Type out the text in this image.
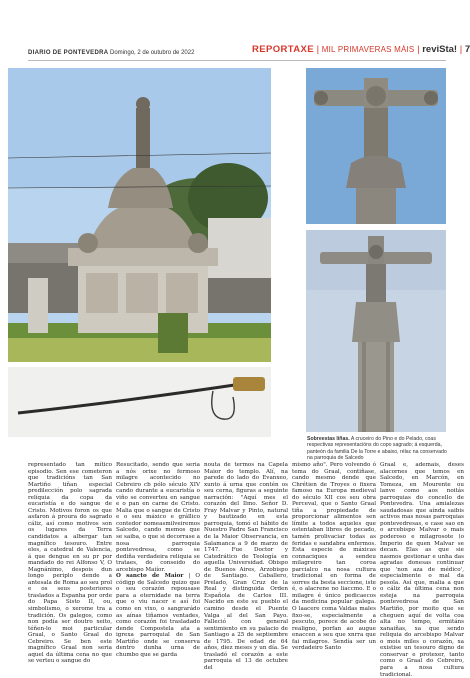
DIARIO DE PONTEVEDRA Domingo, 2 de outubro de 2022	REPORTAXE | MIL PRIMAVERAS MÁIS | reviSta! | 7
Sobreestas liñas. A cruceiro do Pino e do Pelado, coas respectivas representacións do copo sagrado; á esquerda, panteón da familia De la Torre e abaixo, rélac na conservado na parroquia de Salcedo

representado tan mítico episodio. Sen ese cometeron que tradicións tan San Martiño tiñan especial predilección polo sagrada relíquia da copa da eucaristía e do sangue de Cristo. Motivos foron os que asfaron á proura do sagrado cáliz, así como motivos son os lugares da Terra candidatos a albergar tan magnífico tesouro. Entre eles, a catedral de Valencia, á que dengue en su pr por mandado do rei Alfonso V, O Magnánimo, despois dun longo periplo dende a antesala de Roma ao seu prol e os seus posteriores traslados a Espanha por orde do Papa Sisto II, ou, simbolismo, o xerome tra a tradición. Os galegos, como non podía ser doutro xeito, téñen-lo moi particular Graal, o Santo Graal do Cebreiro. Se ben este magnífico Graal non seria aquel da última cena no que se verteu o sangue do

Resucitado, sendo que seria a nós orixe no fermoso milagre acontecido no Cebreiro cb pólo século XIV cando durante a eucaristía o viño se converteu en sangue e o pan en carne de Cristo. Malia que o sangue de Cristo e o seu máxico e grállico contedor nomeasmilveiremos Salcedo, cando memos que se saiba, o que si decorrase a nosa parroquia pontevedresa, como se dediña verdadeira reliquia se trataes, do conseido do arcebispo Maiíor.

O sancto de Maior | O códigp de Salcedo quizo que o seu corazón repousase para a eternidade na terra que o viu nacer e así foi como en vixo, o sangrarádo as aínas tiñamos ventades, como corazón foi trasladado dende Compostela ata a igrexa parroquial de San Martiño onde se conserva dentro dunha urna de chumbo que se garda

nouta de termos na Capela Maior do templo. Alí, na parede do lado do Evanxeo, xunto á urna que contén os seu cerna, figuras a seguinte narración: "Aquí mes el corazón del Ilmo. Señor D. Fray Malvar y Pinto, natural y bautizado en esta parroquia, tomó el hábito de Nuestro Padre San Francisco de la Maior Observancia, en Salamanca a 9 de marzo de 1747. Fue Doctor y Catedrático de Teología en aquella Universidad. Obispo de Buenos Aires, Arzobispo de Santiago. Caballero, Prelado, Gran Cruz de la Real y distinguida Orden Española de Carlos III. Nacido en este su pueblo el camino desde el Puente Valga al del San Payo. Falleció con general sentimiento en su palacio de Santiago a 25 de septiembre de 1795. De edad de 64 años, diez meses y un día. Se trasladó el corazón a este parroquia el 13 de octubre del

mismo año". Pero volvendo ó tema do Graal, contiñase, cando mesmo dende que Chrétien de Troyes o fixera famoso na Europa medieval do século XII cos seu obra Perceval, que o Santo Graal tiña a propiedade de proporcionar alimentos sen límite a todos aqueles que ostentaban libres de pecado, tamén prolivaciar todas as feridas e sandabra enfermos. Esta especie de máxicas connaciques a sendeu milagreiro tan coroa parcialco na nosa cultura tradicional en forma de sorres da besta seccione, iste é, o alacrene no liaccmo. E o milagre é único pedicaecos da medicina popular galega. O laacere coma Valdas males fixo-se, especialmente a pescuto, porece de acobe do realigno, porfan ao augue enaccen a seu que xnrra que fai milagros. Sendía ser un verdadeiro Santo

Graal e, ademais, deses alacornes que temos en Salcedo, en Marcón, en Tomeza, en Mourente ou lanve como aos noitás parroquias do concello de Pontevedra. Una amialezas saudadosas que aínda saibis activos mas nosas parroquias pontevedresas, e case sao en o arcebispo Malvar o mais poderoso e milagrosote (o Ímperio de quen Malvar se decan. Elas as que sie nasmos gestionar e unha das agradas donesas continuar que 'non aza de médico', especialmente o mal da pesola. Así que, malia a que o cáliz da última cena non esteja na parroquia pontevedresa de San Martiño, por moito que se cheguen aquí de volta coa alta no tempo, ermitáns xanaiñas, xa que sendo reliquia do arcebispo Malvar o mois miles o corazón, xa existise un tesouro digno de conservar e protexer, tanto como o Graal do Cebreiro, para a nosa cultura tradicional.
